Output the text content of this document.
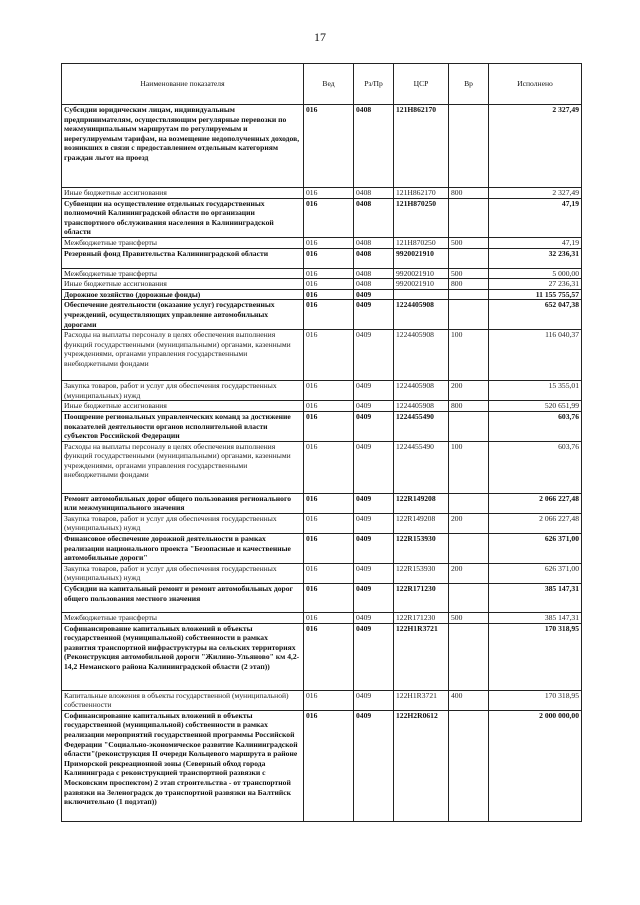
17
Наименование показателя	Вед	Рз/Пр	ЦСР	Вр	Исполнено
Субсидии юридическим лицам, индивидуальным предпринимателям, осуществляющим регулярные перевозки по межмуниципальным маршрутам по регулируемым и нерегулируемым тарифам, на возмещение недополученных доходов, возникших в связи с предоставлением отдельным категориям граждан льгот на проезд	016	0408	121H862170		2 327,49
Иные бюджетные ассигнования	016	0408	121H862170	800	2 327,49
Субвенции на осуществление отдельных государственных полномочий Калининградской области по организации транспортного обслуживания населения в Калининградской области	016	0408	121H870250		47,19
Межбюджетные трансферты	016	0408	121H870250	500	47,19
Резервный фонд Правительства Калининградской области	016	0408	9920021910		32 236,31
Межбюджетные трансферты	016	0408	9920021910	500	5 000,00
Иные бюджетные ассигнования	016	0408	9920021910	800	27 236,31
Дорожное хозяйство (дорожные фонды)	016	0409			11 155 755,57
Обеспечение деятельности (оказание услуг) государственных учреждений, осуществляющих управление автомобильных дорогами	016	0409	1224405908		652 047,38
Расходы на выплаты персоналу в целях обеспечения выполнения функций государственными (муниципальными) органами, казенными учреждениями, органами управления государственными внебюджетными фондами	016	0409	1224405908	100	116 040,37
Закупка товаров, работ и услуг для обеспечения государственных (муниципальных) нужд	016	0409	1224405908	200	15 355,01
Иные бюджетные ассигнования	016	0409	1224405908	800	520 651,99
Поощрение региональных управленческих команд за достижение показателей деятельности органов исполнительной власти субъектов Российской Федерации	016	0409	1224455490		603,76
Расходы на выплаты персоналу в целях обеспечения выполнения функций государственными (муниципальными) органами, казенными учреждениями, органами управления государственными внебюджетными фондами	016	0409	1224455490	100	603,76
Ремонт автомобильных дорог общего пользования регионального или межмуниципального значения	016	0409	122R149208		2 066 227,48
Закупка товаров, работ и услуг для обеспечения государственных (муниципальных) нужд	016	0409	122R149208	200	2 066 227,48
Финансовое обеспечение дорожной деятельности в рамках реализации национального проекта "Безопасные и качественные автомобильные дороги"	016	0409	122R153930		626 371,00
Закупка товаров, работ и услуг для обеспечения государственных (муниципальных) нужд	016	0409	122R153930	200	626 371,00
Субсидии на капитальный ремонт и ремонт автомобильных дорог общего пользования местного значения	016	0409	122R171230		385 147,31
Межбюджетные трансферты	016	0409	122R171230	500	385 147,31
Софинансирование капитальных вложений в объекты государственной (муниципальной) собственности в рамках развития транспортной инфраструктуры на сельских территориях (Реконструкция автомобильной дороги "Жилино-Ульяново" км 4,2-14,2 Неманского района Калининградской области (2 этап))	016	0409	122H1R3721		170 318,95
Капитальные вложения в объекты государственной (муниципальной) собственности	016	0409	122H1R3721	400	170 318,95
Софинансирование капитальных вложений в объекты государственной (муниципальной) собственности в рамках реализации мероприятий государственной программы Российской Федерации "Социально-экономическое развитие Калининградской области"(реконструкция II очереди Кольцевого маршрута в районе Приморской рекреационной зоны (Северный обход города Калининграда с реконструкцией транспортной развязки с Московским проспектом) 2 этап строительства - от транспортной развязки на Зеленоградск до транспортной развязки на Балтийск включительно (1 подэтап))	016	0409	122H2R0612		2 000 000,00
